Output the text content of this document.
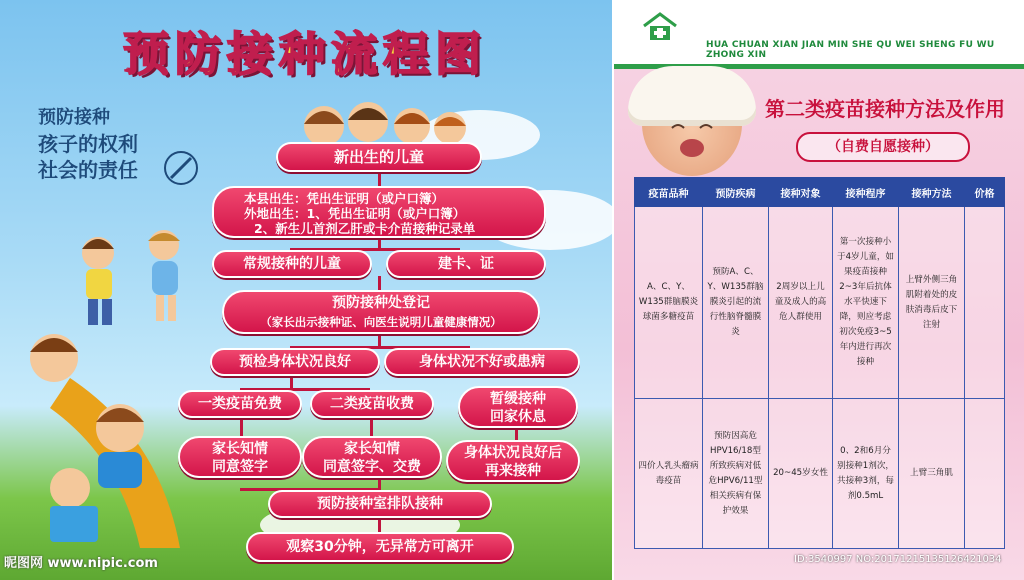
预防接种流程图
预防接种
孩子的权利
社会的责任
新出生的儿童
本县出生：凭出生证明（或户口簿）
外地出生：1、凭出生证明（或户口簿）
2、新生儿首剂乙肝或卡介苗接种记录单
常规接种的儿童	建卡、证
预防接种处登记
（家长出示接种证、向医生说明儿童健康情况）
预检身体状况良好	身体状况不好或患病
一类疫苗免费	二类疫苗收费	暂缓接种
回家休息
家长知情
同意签字
家长知情
同意签字、交费
身体状况良好后
再来接种
预防接种室排队接种
观察30分钟，无异常方可离开
昵图网 www.nipic.com
HUA CHUAN XIAN JIAN MIN SHE QU WEI SHENG FU WU ZHONG XIN
第二类疫苗接种方法及作用
（自费自愿接种）
疫苗品种	预防疾病	接种对象	接种程序	接种方法	价格
A、C、Y、W135群脑膜炎球菌多糖疫苗	预防A、C、Y、W135群脑膜炎引起的流行性脑脊髓膜炎	2周岁以上儿童及成人的高危人群使用	第一次接种小于4岁儿童，如果疫苗接种2~3年后抗体水平快速下降，则应考虑初次免疫3~5年内进行再次接种	上臂外侧三角肌附着处的皮肤消毒后皮下注射	
四价人乳头瘤病毒疫苗	预防因高危HPV16/18型所致疾病对低危HPV6/11型相关疾病有保护效果	20~45岁女性	0、2和6月分别接种1剂次，共接种3剂，每剂0.5mL	上臂三角肌	
ID:3540997 NO:20171215135126421034
